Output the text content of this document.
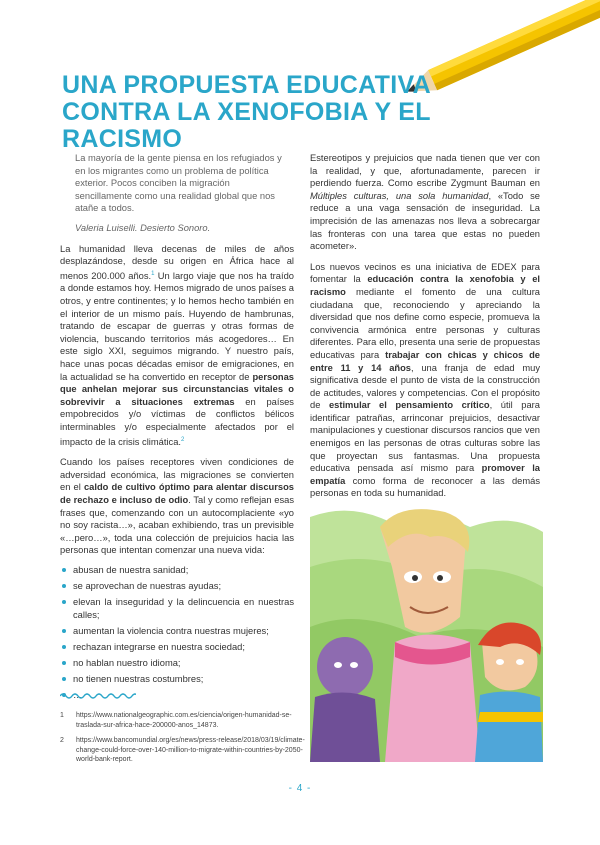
UNA PROPUESTA EDUCATIVA
CONTRA LA XENOFOBIA Y EL RACISMO
La mayoría de la gente piensa en los refugiados y en los migrantes como un problema de política exterior. Pocos conciben la migración sencillamente como una realidad global que nos atañe a todos.
Valeria Luiselli. Desierto Sonoro.

La humanidad lleva decenas de miles de años desplazándose, desde su origen en África hace al menos 200.000 años.$^1$ Un largo viaje que nos ha traído a donde estamos hoy. Hemos migrado de unos países a otros, y entre continentes; y lo hemos hecho también en el interior de un mismo país. Huyendo de hambrunas, tratando de escapar de guerras y otras formas de violencia, buscando territorios más acogedores… En este siglo XXI, seguimos migrando. Y nuestro país, hace unas pocas décadas emisor de emigraciones, en la actualidad se ha convertido en receptor de personas que anhelan mejorar sus circunstancias vitales o sobrevivir a situaciones extremas en países empobrecidos y/o víctimas de conflictos bélicos interminables y/o especialmente afectados por el impacto de la crisis climática.$^2$

Cuando los países receptores viven condiciones de adversidad económica, las migraciones se convierten en el caldo de cultivo óptimo para alentar discursos de rechazo e incluso de odio. Tal y como reflejan esas frases que, comenzando con un autocomplaciente «yo no soy racista…», acaban exhibiendo, tras un previsible «…pero…», toda una colección de prejuicios hacia las personas que intentan comenzar una nueva vida:

abusan de nuestra sanidad;
se aprovechan de nuestras ayudas;
elevan la inseguridad y la delincuencia en nuestras calles;
aumentan la violencia contra nuestras mujeres;
rechazan integrarse en nuestra sociedad;
no hablan nuestro idioma;
no tienen nuestras costumbres;
…
1	https://www.nationalgeographic.com.es/ciencia/origen-humanidad-se-traslada-sur-africa-hace-200000-anos_14873.
2	https://www.bancomundial.org/es/news/press-release/2018/03/19/climate-change-could-force-over-140-million-to-migrate-within-countries-by-2050-world-bank-report.

Estereotipos y prejuicios que nada tienen que ver con la realidad, y que, afortunadamente, parecen ir perdiendo fuerza. Como escribe Zygmunt Bauman en Múltiples culturas, una sola humanidad, «Todo se reduce a una vaga sensación de inseguridad. La imprecisión de las amenazas nos lleva a sobrecargar las fronteras con una tarea que estas no pueden acometer».

Los nuevos vecinos es una iniciativa de EDEX para fomentar la educación contra la xenofobia y el racismo mediante el fomento de una cultura ciudadana que, reconociendo y apreciando la diversidad que nos define como especie, promueva la convivencia armónica entre personas y culturas diferentes. Para ello, presenta una serie de propuestas educativas para trabajar con chicas y chicos de entre 11 y 14 años, una franja de edad muy significativa desde el punto de vista de la construcción de actitudes, valores y competencias. Con el propósito de estimular el pensamiento crítico, útil para identificar patrañas, arrinconar prejuicios, desactivar manipulaciones y cuestionar discursos rancios que ven enemigos en las personas de otras culturas sobre las que proyectan sus fantasmas. Una propuesta educativa pensada así mismo para promover la empatía como forma de reconocer a las demás personas en toda su humanidad.

- 4 -
